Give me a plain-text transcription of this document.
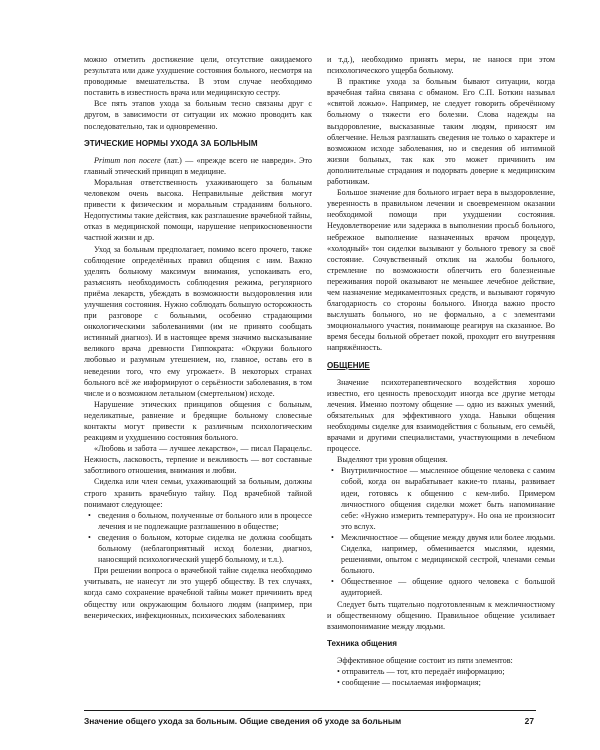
можно отметить достижение цели, отсутствие ожидаемого результата или даже ухудшение состояния больного, несмотря на проводимые вмешательства. В этом случае необходимо поставить в известность врача или медицинскую сестру.

Все пять этапов ухода за больным тесно связаны друг с другом, в зависимости от ситуации их можно проводить как последовательно, так и одновременно.

ЭТИЧЕСКИЕ НОРМЫ УХОДА ЗА БОЛЬНЫМ

Primum non nocere (лат.) — «прежде всего не навреди». Это главный этический принцип в медицине.

Моральная ответственность ухаживающего за больным человеком очень высока. Неправильные действия могут привести к физическим и моральным страданиям больного. Недопустимы такие действия, как разглашение врачебной тайны, отказ в медицинской помощи, нарушение неприкосновенности частной жизни и др.

Уход за больным предполагает, помимо всего прочего, также соблюдение определённых правил общения с ним. Важно уделять больному максимум внимания, успокаивать его, разъяснять необходимость соблюдения режима, регулярного приёма лекарств, убеждать в возможности выздоровления или улучшения состояния. Нужно соблюдать большую осторожность при разговоре с больными, особенно страдающими онкологическими заболеваниями (им не принято сообщать истинный диагноз). И в настоящее время значимо высказывание великого врача древности Гиппократа: «Окружи больного любовью и разумным утешением, но, главное, оставь его в неведении того, что ему угрожает». В некоторых странах больного всё же информируют о серьёзности заболевания, в том числе и о возможном летальном (смертельном) исходе.

Нарушение этических принципов общения с больным, неделикатные, равнение и бредящие больному словесные контакты могут привести к различным психологическим реакциям и ухудшению состояния больного.

«Любовь и забота — лучшее лекарство», — писал Парацельс. Нежность, ласковость, терпение и вежливость — вот составные заботливого отношения, внимания и любви.

Сиделка или член семьи, ухаживающий за больным, должны строго хранить врачебную тайну. Под врачебной тайной понимают следующее:

• сведения о больном, полученные от больного или в процессе лечения и не подлежащие разглашению в обществе;
• сведения о больном, которые сиделка не должна сообщать больному (неблагоприятный исход болезни, диагноз, наносящий психологический ущерб больному, и т.л.).

При решении вопроса о врачебной тайне сиделка необходимо учитывать, не нанесут ли это ущерб обществу. В тех случаях, когда само сохранение врачебной тайны может причинить вред обществу или окружающим больного людям (например, при венерических, инфекционных, психических заболеваниях

и т.д.), необходимо принять меры, не нанося при этом психологического ущерба больному.

В практике ухода за больным бывают ситуации, когда врачебная тайна связана с обманом. Его С.П. Боткин называл «святой ложью». Например, не следует говорить обречённому больному о тяжести его болезни. Слова надежды на выздоровление, высказанные таким людям, приносят им облегчение. Нельзя разглашать сведения не только о характере и возможном исходе заболевания, но и сведения об интимной жизни больных, так как это может причинить им дополнительные страдания и подорвать доверие к медицинским работникам.

Большое значение для больного играет вера в выздоровление, уверенность в правильном лечении и своевременном оказании необходимой помощи при ухудшении состояния. Неудовлетворение или задержка в выполнении просьб больного, небрежное выполнение назначенных врачом процедур, «холодный» тон сиделки вызывают у больного тревогу за своё состояние. Сочувственный отклик на жалобы больного, стремление по возможности облегчить его болезненные переживания порой оказывают не меньшее лечебное действие, чем назначение медикаментозных средств, и вызывают горячую благодарность со стороны больного. Иногда важно просто выслушать больного, но не формально, а с элементами эмоционального участия, понимающе реагируя на сказанное. Во время беседы больной обретает покой, проходит его внутренняя напряжённость.

ОБЩЕНИЕ

Значение психотерапевтического воздействия хорошо известно, его ценность превосходит иногда все другие методы лечения. Именно поэтому общение — одно из важных умений, обязательных для эффективного ухода. Навыки общения необходимы сиделке для взаимодействия с больным, его семьёй, врачами и другими специалистами, участвующими в лечебном процессе.

Выделяют три уровня общения.

• Внутриличностное — мысленное общение человека с самим собой, когда он вырабатывает какие-то планы, развивает идеи, готовясь к общению с кем-либо. Примером личностного общения сиделки может быть напоминание себе: «Нужно измерить температуру». Но она не произносит это вслух.
• Межличностное — общение между двумя или более людьми. Сиделка, например, обменивается мыслями, идеями, решениями, опытом с медицинской сестрой, членами семьи больного.
• Общественное — общение одного человека с большой аудиторией.

Следует быть тщательно подготовленным к межличностному и общественному общению. Правильное общение усиливает взаимопонимание между людьми.

Техника общения

Эффективное общение состоит из пяти элементов:

• отправитель — тот, кто передаёт информацию;
• сообщение — посылаемая информация;
Значение общего ухода за больным. Общие сведения об уходе за больным	27
